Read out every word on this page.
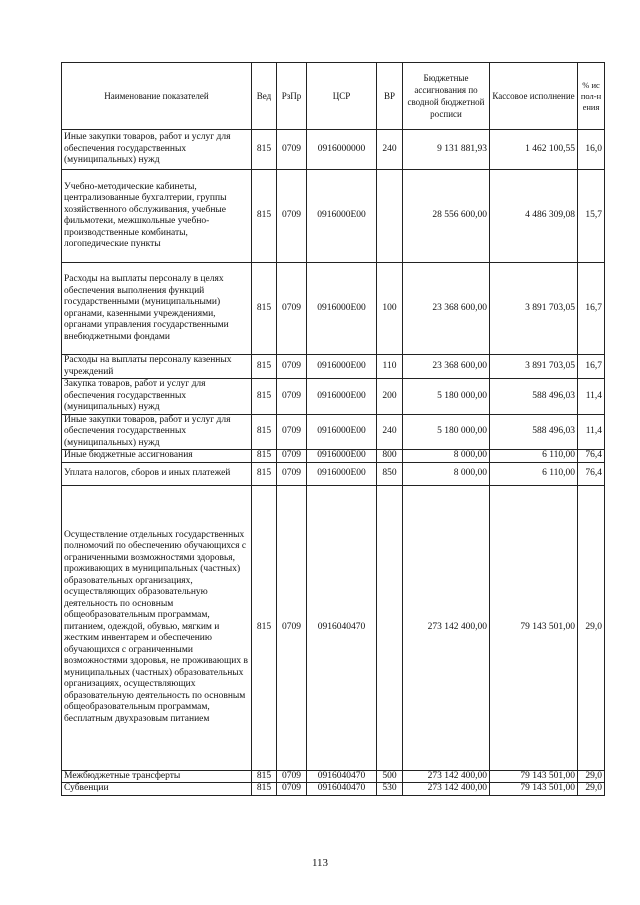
Наименование показателей	Вед	РзПр	ЦСР	ВР	Бюджетные ассигнования по сводной бюджетной росписи	Кассовое исполнение	% испол-нения
Иные закупки товаров, работ и услуг для обеспечения государственных (муниципальных) нужд	815	0709	0916000000	240	9 131 881,93	1 462 100,55	16,0
Учебно-методические кабинеты, централизованные бухгалтерии, группы хозяйственного обслуживания, учебные фильмотеки, межшкольные учебно-производственные комбинаты, логопедические пункты	815	0709	0916000Е00		28 556 600,00	4 486 309,08	15,7
Расходы на выплаты персоналу в целях обеспечения выполнения функций государственными (муниципальными) органами, казенными учреждениями, органами управления государственными внебюджетными фондами	815	0709	0916000Е00	100	23 368 600,00	3 891 703,05	16,7
Расходы на выплаты персоналу казенных учреждений	815	0709	0916000Е00	110	23 368 600,00	3 891 703,05	16,7
Закупка товаров, работ и услуг для обеспечения государственных (муниципальных) нужд	815	0709	0916000Е00	200	5 180 000,00	588 496,03	11,4
Иные закупки товаров, работ и услуг для обеспечения государственных (муниципальных) нужд	815	0709	0916000Е00	240	5 180 000,00	588 496,03	11,4
Иные бюджетные ассигнования	815	0709	0916000Е00	800	8 000,00	6 110,00	76,4
Уплата налогов, сборов и иных платежей	815	0709	0916000Е00	850	8 000,00	6 110,00	76,4
Осуществление отдельных государственных полномочий по обеспечению обучающихся с ограниченными возможностями здоровья, проживающих в муниципальных (частных) образовательных организациях, осуществляющих образовательную деятельность по основным общеобразовательным программам, питанием, одеждой, обувью, мягким и жестким инвентарем и обеспечению обучающихся с ограниченными возможностями здоровья, не проживающих в муниципальных (частных) образовательных организациях, осуществляющих образовательную деятельность по основным общеобразовательным программам, бесплатным двухразовым питанием	815	0709	0916040470		273 142 400,00	79 143 501,00	29,0
Межбюджетные трансферты	815	0709	0916040470	500	273 142 400,00	79 143 501,00	29,0
Субвенции	815	0709	0916040470	530	273 142 400,00	79 143 501,00	29,0
113
